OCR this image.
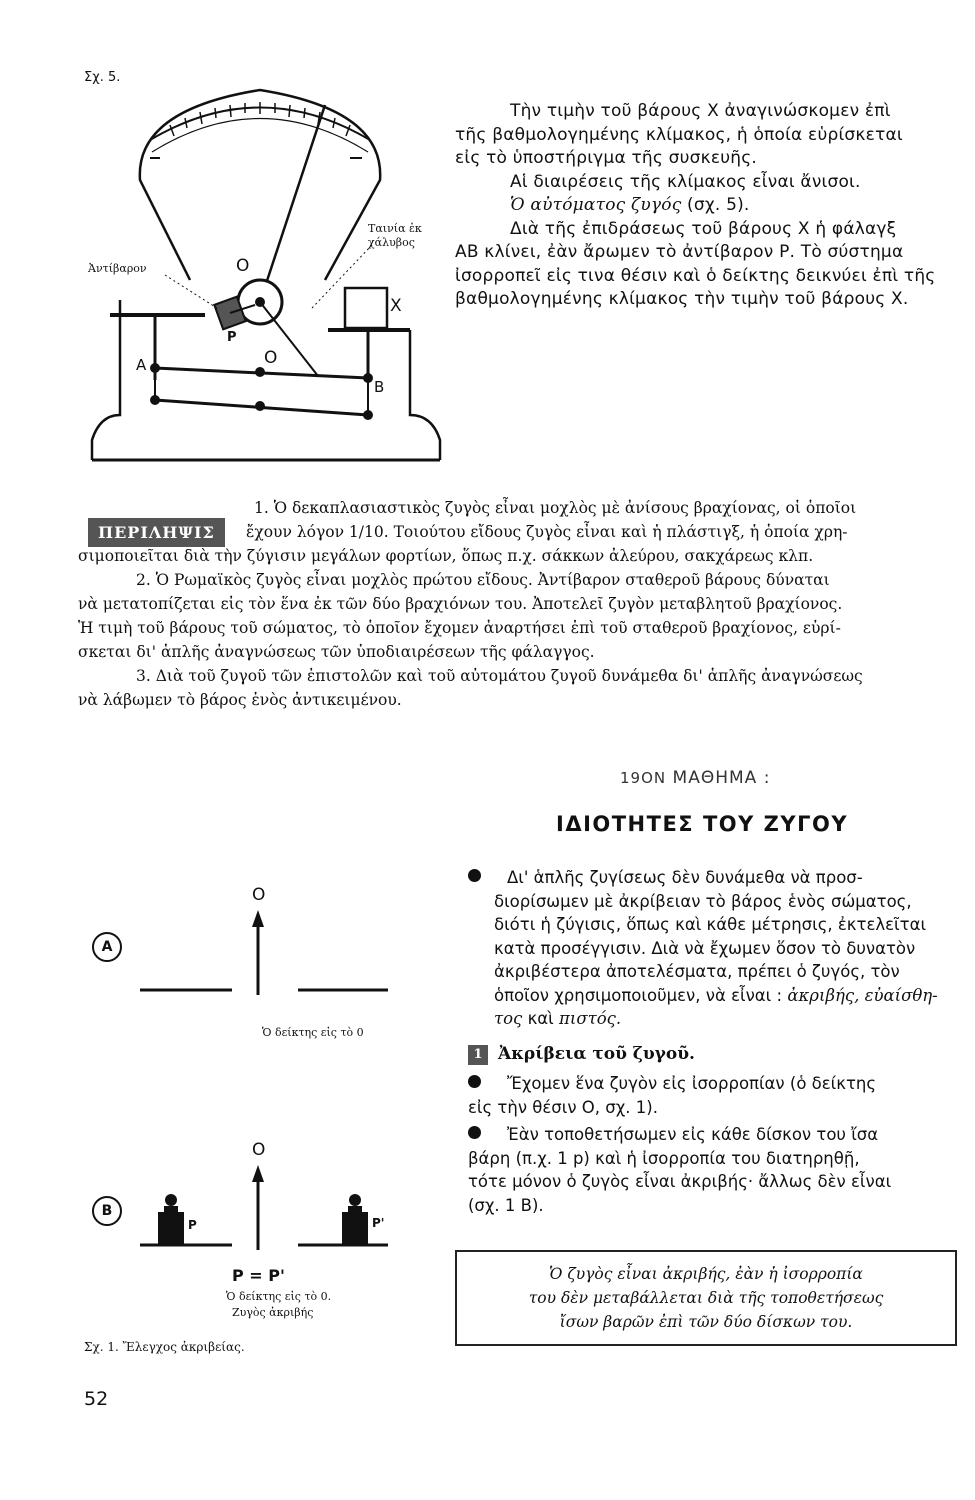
Σχ. 5.
Ἀντίβαρον	O
Ταινία ἐκ
χάλυβος
X
P
A	O
B

Τὴν τιμὴν τοῦ βάρους Χ ἀναγινώσκομεν ἐπὶ

τῆς βαθμολογημένης κλίμακος, ἡ ὁποία εὑρίσκεται

εἰς τὸ ὑποστήριγμα τῆς συσκευῆς.

Αἱ διαιρέσεις τῆς κλίμακος εἶναι ἄνισοι.

Ὁ αὐτόματος ζυγός (σχ. 5).

Διὰ τῆς ἐπιδράσεως τοῦ βάρους Χ ἡ φάλαγξ

ΑΒ κλίνει, ἐὰν ἄρωμεν τὸ ἀντίβαρον Ρ. Τὸ σύστημα

ἰσορροπεῖ εἰς τινα θέσιν καὶ ὁ δείκτης δεικνύει ἐπὶ τῆς

βαθμολογημένης κλίμακος τὴν τιμὴν τοῦ βάρους Χ.

ΠΕΡΙΛΗΨΙΣ

1. Ὁ δεκαπλασιαστικὸς ζυγὸς εἶναι μοχλὸς μὲ ἀνίσους βραχίονας, οἱ ὁποῖοι

ἔχουν λόγον 1/10. Τοιούτου εἴδους ζυγὸς εἶναι καὶ ἡ πλάστιγξ, ἡ ὁποία χρη-

σιμοποιεῖται διὰ τὴν ζύγισιν μεγάλων φορτίων, ὅπως π.χ. σάκκων ἀλεύρου, σακχάρεως κλπ.

2. Ὁ Ρωμαϊκὸς ζυγὸς εἶναι μοχλὸς πρώτου εἴδους. Ἀντίβαρον σταθεροῦ βάρους δύναται

νὰ μετατοπίζεται εἰς τὸν ἕνα ἐκ τῶν δύο βραχιόνων του. Ἀποτελεῖ ζυγὸν μεταβλητοῦ βραχίονος.

Ἡ τιμὴ τοῦ βάρους τοῦ σώματος, τὸ ὁποῖον ἔχομεν ἀναρτήσει ἐπὶ τοῦ σταθεροῦ βραχίονος, εὑρί-

σκεται δι' ἁπλῆς ἀναγνώσεως τῶν ὑποδιαιρέσεων τῆς φάλαγγος.

3. Διὰ τοῦ ζυγοῦ τῶν ἐπιστολῶν καὶ τοῦ αὐτομάτου ζυγοῦ δυνάμεθα δι' ἁπλῆς ἀναγνώσεως

νὰ λάβωμεν τὸ βάρος ἑνὸς ἀντικειμένου.

19ΟΝ ΜΑΘΗΜΑ :
ΙΔΙΟΤΗΤΕΣ ΤΟΥ ΖΥΓΟΥ
A
O
Ὁ δείκτης εἰς τὸ 0
B
O
P	P'
P = P'
Ὁ δείκτης εἰς τὸ 0.
Ζυγὸς ἀκριβής
Σχ. 1. Ἔλεγχος ἀκριβείας.

Δι' ἁπλῆς ζυγίσεως δὲν δυνάμεθα νὰ προσ-

διορίσωμεν μὲ ἀκρίβειαν τὸ βάρος ἑνὸς σώματος,

διότι ἡ ζύγισις, ὅπως καὶ κάθε μέτρησις, ἐκτελεῖται

κατὰ προσέγγισιν. Διὰ νὰ ἔχωμεν ὅσον τὸ δυνατὸν

ἀκριβέστερα ἀποτελέσματα, πρέπει ὁ ζυγός, τὸν

ὁποῖον χρησιμοποιοῦμεν, νὰ εἶναι : ἀκριβής, εὐαίσθη-

τος καὶ πιστός.

1 Ἀκρίβεια τοῦ ζυγοῦ.

Ἔχομεν ἕνα ζυγὸν εἰς ἰσορροπίαν (ὁ δείκτης

εἰς τὴν θέσιν Ο, σχ. 1).

Ἐὰν τοποθετήσωμεν εἰς κάθε δίσκον του ἴσα

βάρη (π.χ. 1 p) καὶ ἡ ἰσορροπία του διατηρηθῇ,

τότε μόνον ὁ ζυγὸς εἶναι ἀκριβής· ἄλλως δὲν εἶναι

(σχ. 1 Β).

Ὁ ζυγὸς εἶναι ἀκριβής, ἐὰν ἡ ἰσορροπία
του δὲν μεταβάλλεται διὰ τῆς τοποθετήσεως
ἴσων βαρῶν ἐπὶ τῶν δύο δίσκων του.
52
